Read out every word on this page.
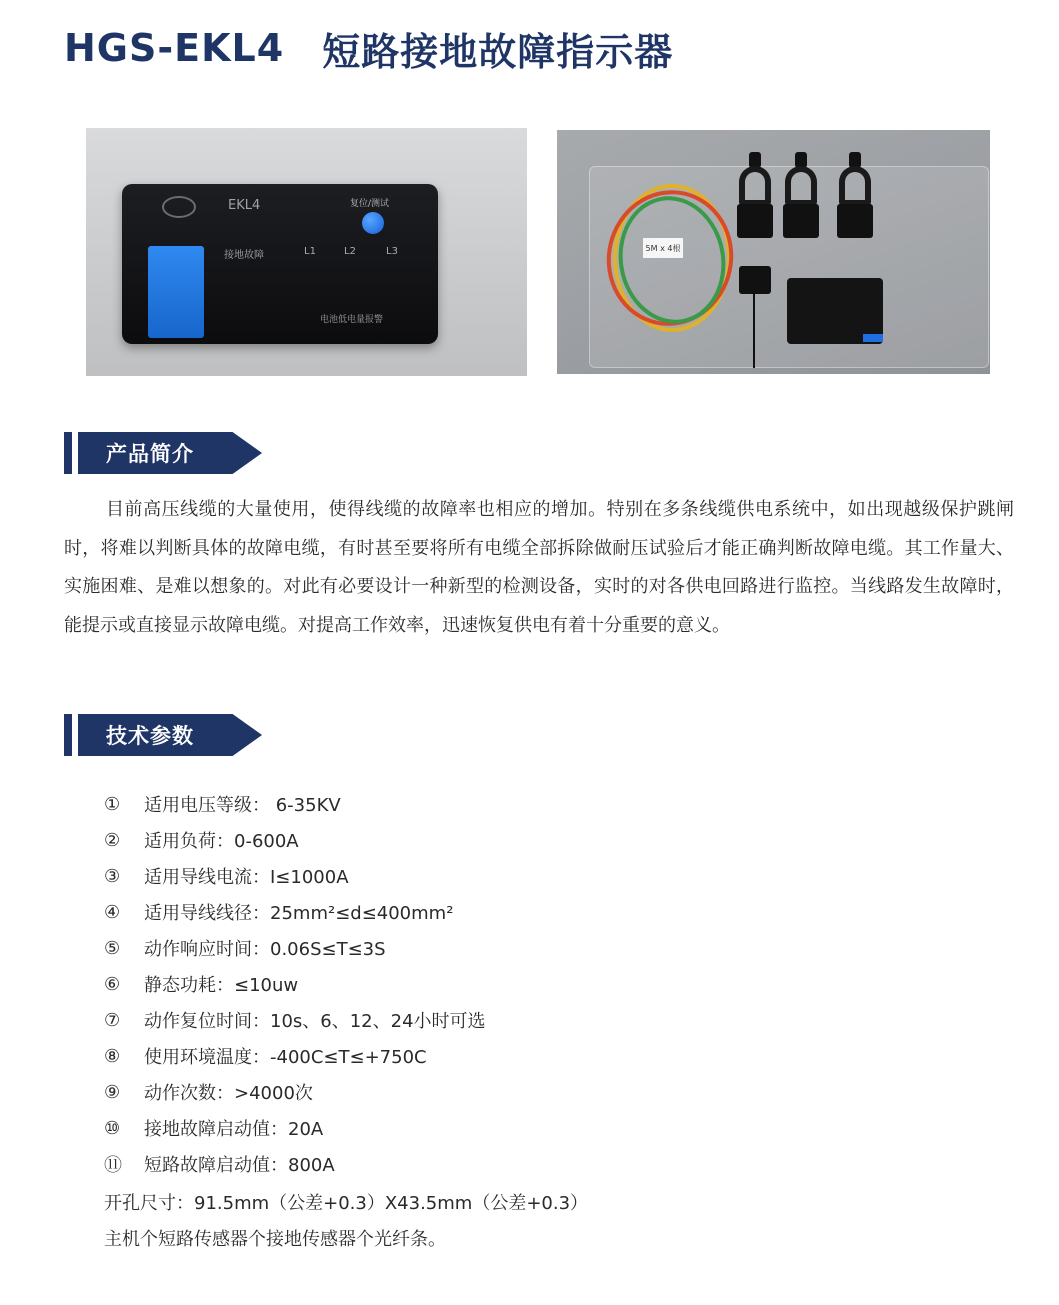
HGS-EKL4 短路接地故障指示器
EKL4	复位/测试
接地故障	L1	L2	L3
电池低电量报警
5M x 4根
产品简介
目前高压线缆的大量使用，使得线缆的故障率也相应的增加。特别在多条线缆供电系统中，如出现越级保护跳闸时，将难以判断具体的故障电缆，有时甚至要将所有电缆全部拆除做耐压试验后才能正确判断故障电缆。其工作量大、实施困难、是难以想象的。对此有必要设计一种新型的检测设备，实时的对各供电回路进行监控。当线路发生故障时，能提示或直接显示故障电缆。对提高工作效率，迅速恢复供电有着十分重要的意义。
技术参数
①	适用电压等级： 6-35KV
②	适用负荷：0-600A
③	适用导线电流：I≤1000A
④	适用导线线径：25mm²≤d≤400mm²
⑤	动作响应时间：0.06S≤T≤3S
⑥	静态功耗：≤10uw
⑦	动作复位时间：10s、6、12、24小时可选
⑧	使用环境温度：-400C≤T≤+750C
⑨	动作次数：>4000次
⑩	接地故障启动值：20A
⑪	短路故障启动值：800A
开孔尺寸：91.5mm（公差+0.3）X43.5mm（公差+0.3）
主机个短路传感器个接地传感器个光纤条。
